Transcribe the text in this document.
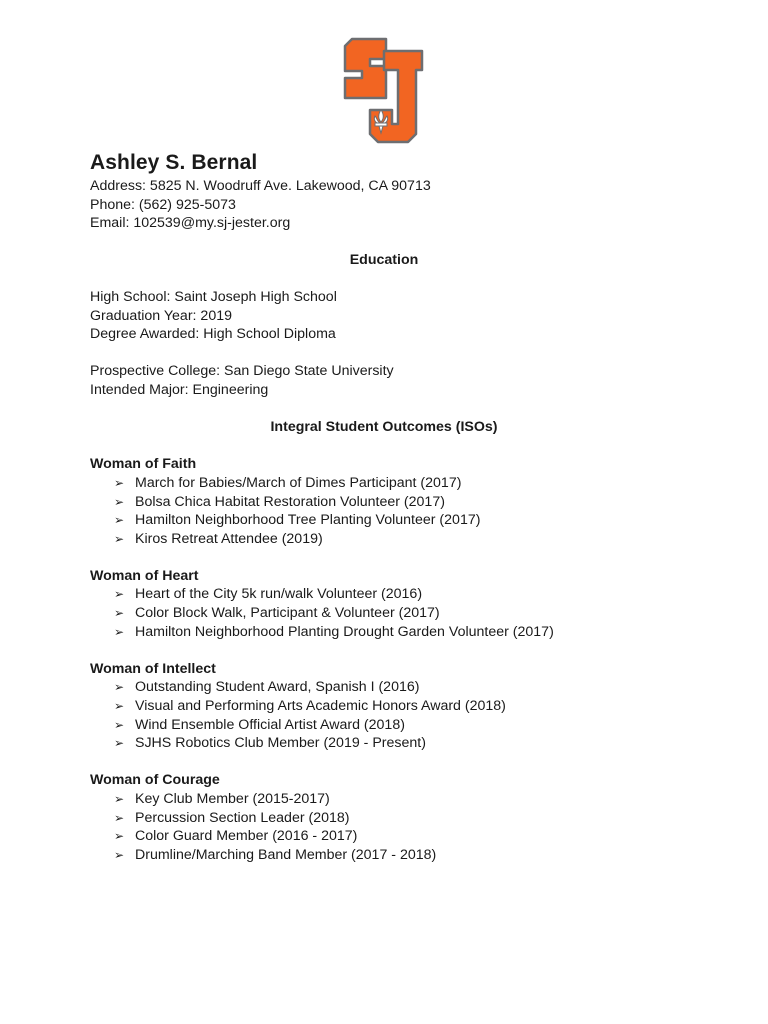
Ashley S. Bernal
Address: 5825 N. Woodruff Ave. Lakewood, CA 90713
Phone: (562) 925-5073
Email: 102539@my.sj-jester.org
Education
High School: Saint Joseph High School
Graduation Year: 2019
Degree Awarded: High School Diploma
Prospective College: San Diego State University
Intended Major: Engineering
Integral Student Outcomes (ISOs)
Woman of Faith
➢ March for Babies/March of Dimes Participant (2017)
➢ Bolsa Chica Habitat Restoration Volunteer (2017)
➢ Hamilton Neighborhood Tree Planting Volunteer (2017)
➢ Kiros Retreat Attendee (2019)
Woman of Heart
➢ Heart of the City 5k run/walk Volunteer (2016)
➢ Color Block Walk, Participant & Volunteer (2017)
➢ Hamilton Neighborhood Planting Drought Garden Volunteer (2017)
Woman of Intellect
➢ Outstanding Student Award, Spanish I (2016)
➢ Visual and Performing Arts Academic Honors Award (2018)
➢ Wind Ensemble Official Artist Award (2018)
➢ SJHS Robotics Club Member (2019 - Present)
Woman of Courage
➢ Key Club Member (2015-2017)
➢ Percussion Section Leader (2018)
➢ Color Guard Member (2016 - 2017)
➢ Drumline/Marching Band Member (2017 - 2018)
